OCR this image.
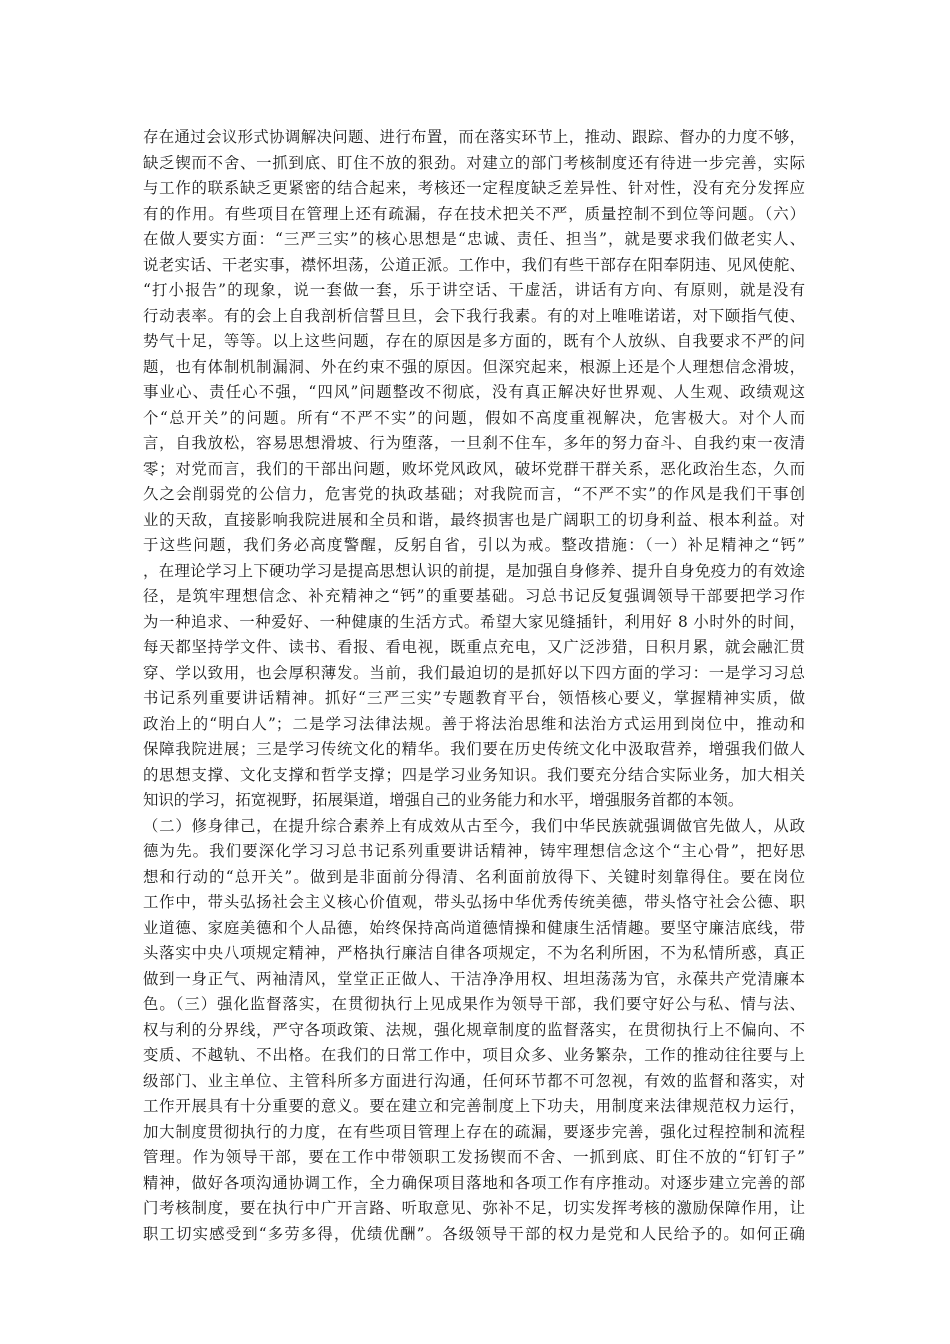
存在通过会议形式协调解决问题、进行布置，而在落实环节上，推动、跟踪、督办的力度不够，
缺乏锲而不舍、一抓到底、盯住不放的狠劲。对建立的部门考核制度还有待进一步完善，实际
与工作的联系缺乏更紧密的结合起来，考核还一定程度缺乏差异性、针对性，没有充分发挥应
有的作用。有些项目在管理上还有疏漏，存在技术把关不严，质量控制不到位等问题。（六）
在做人要实方面：“三严三实”的核心思想是“忠诚、责任、担当”，就是要求我们做老实人、
说老实话、干老实事，襟怀坦荡，公道正派。工作中，我们有些干部存在阳奉阴违、见风使舵、
“打小报告”的现象，说一套做一套，乐于讲空话、干虚活，讲话有方向、有原则，就是没有
行动表率。有的会上自我剖析信誓旦旦，会下我行我素。有的对上唯唯诺诺，对下颐指气使、
势气十足，等等。以上这些问题，存在的原因是多方面的，既有个人放纵、自我要求不严的问
题，也有体制机制漏洞、外在约束不强的原因。但深究起来，根源上还是个人理想信念滑坡，
事业心、责任心不强，“四风”问题整改不彻底，没有真正解决好世界观、人生观、政绩观这
个“总开关”的问题。所有“不严不实”的问题，假如不高度重视解决，危害极大。对个人而
言，自我放松，容易思想滑坡、行为堕落，一旦刹不住车，多年的努力奋斗、自我约束一夜清
零；对党而言，我们的干部出问题，败坏党风政风，破坏党群干群关系，恶化政治生态，久而
久之会削弱党的公信力，危害党的执政基础；对我院而言，“不严不实”的作风是我们干事创
业的天敌，直接影响我院进展和全员和谐，最终损害也是广阔职工的切身利益、根本利益。对
于这些问题，我们务必高度警醒，反躬自省，引以为戒。整改措施：（一）补足精神之“钙”
，在理论学习上下硬功学习是提高思想认识的前提，是加强自身修养、提升自身免疫力的有效途
径，是筑牢理想信念、补充精神之“钙”的重要基础。习总书记反复强调领导干部要把学习作
为一种追求、一种爱好、一种健康的生活方式。希望大家见缝插针，利用好 8 小时外的时间，
每天都坚持学文件、读书、看报、看电视，既重点充电，又广泛涉猎，日积月累，就会融汇贯
穿、学以致用，也会厚积薄发。当前，我们最迫切的是抓好以下四方面的学习：一是学习习总
书记系列重要讲话精神。抓好“三严三实”专题教育平台，领悟核心要义，掌握精神实质，做
政治上的“明白人”；二是学习法律法规。善于将法治思维和法治方式运用到岗位中，推动和
保障我院进展；三是学习传统文化的精华。我们要在历史传统文化中汲取营养，增强我们做人
的思想支撑、文化支撑和哲学支撑；四是学习业务知识。我们要充分结合实际业务，加大相关
知识的学习，拓宽视野，拓展渠道，增强自己的业务能力和水平，增强服务首都的本领。
（二）修身律己，在提升综合素养上有成效从古至今，我们中华民族就强调做官先做人，从政
德为先。我们要深化学习习总书记系列重要讲话精神，铸牢理想信念这个“主心骨”，把好思
想和行动的“总开关”。做到是非面前分得清、名利面前放得下、关键时刻靠得住。要在岗位
工作中，带头弘扬社会主义核心价值观，带头弘扬中华优秀传统美德，带头恪守社会公德、职
业道德、家庭美德和个人品德，始终保持高尚道德情操和健康生活情趣。要坚守廉洁底线，带
头落实中央八项规定精神，严格执行廉洁自律各项规定，不为名利所困，不为私情所惑，真正
做到一身正气、两袖清风，堂堂正正做人、干洁净净用权、坦坦荡荡为官，永葆共产党清廉本
色。（三）强化监督落实，在贯彻执行上见成果作为领导干部，我们要守好公与私、情与法、
权与利的分界线，严守各项政策、法规，强化规章制度的监督落实，在贯彻执行上不偏向、不
变质、不越轨、不出格。在我们的日常工作中，项目众多、业务繁杂，工作的推动往往要与上
级部门、业主单位、主管科所多方面进行沟通，任何环节都不可忽视，有效的监督和落实，对
工作开展具有十分重要的意义。要在建立和完善制度上下功夫，用制度来法律规范权力运行，
加大制度贯彻执行的力度，在有些项目管理上存在的疏漏，要逐步完善，强化过程控制和流程
管理。作为领导干部，要在工作中带领职工发扬锲而不舍、一抓到底、盯住不放的“钉钉子”
精神，做好各项沟通协调工作，全力确保项目落地和各项工作有序推动。对逐步建立完善的部
门考核制度，要在执行中广开言路、听取意见、弥补不足，切实发挥考核的激励保障作用，让
职工切实感受到“多劳多得，优绩优酬”。各级领导干部的权力是党和人民给予的。如何正确
